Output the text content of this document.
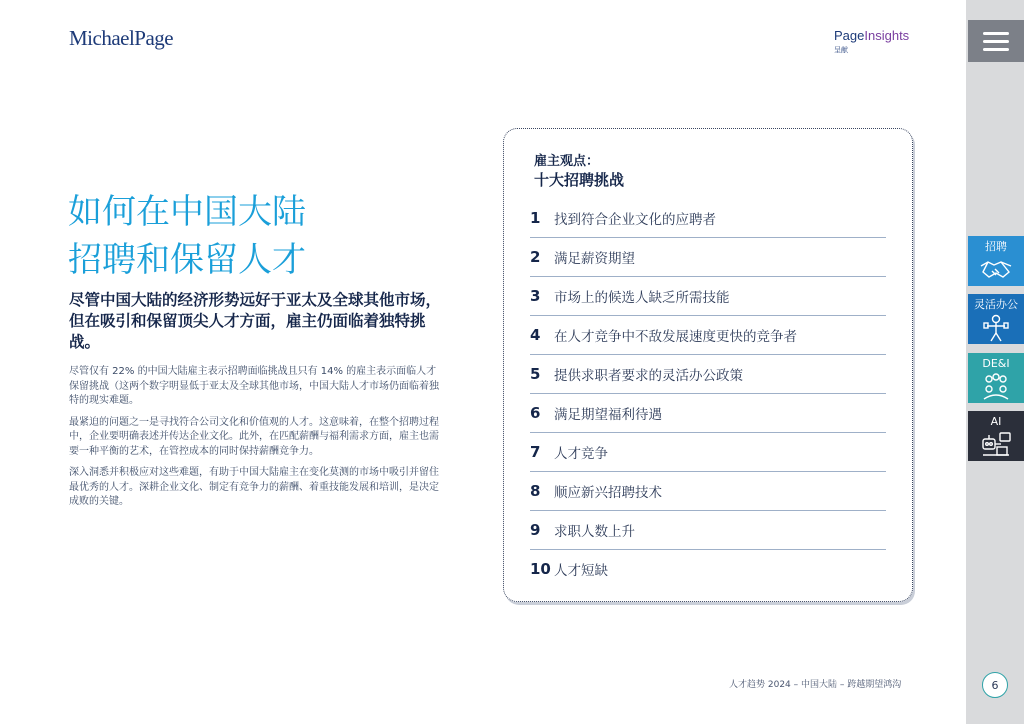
MichaelPage	PageInsights
呈献
如何在中国大陆
招聘和保留人才

尽管中国大陆的经济形势远好于亚太及全球其他市场，但在吸引和保留顶尖人才方面，雇主仍面临着独特挑战。

尽管仅有 22% 的中国大陆雇主表示招聘面临挑战且只有 14% 的雇主表示面临人才保留挑战（这两个数字明显低于亚太及全球其他市场，中国大陆人才市场仍面临着独特的现实难题。

最紧迫的问题之一是寻找符合公司文化和价值观的人才。这意味着，在整个招聘过程中，企业要明确表述并传达企业文化。此外，在匹配薪酬与福利需求方面，雇主也需要一种平衡的艺术，在管控成本的同时保持薪酬竞争力。

深入洞悉并积极应对这些难题，有助于中国大陆雇主在变化莫测的市场中吸引并留住最优秀的人才。深耕企业文化、制定有竞争力的薪酬、着重技能发展和培训，是决定成败的关键。

雇主观点：
十大招聘挑战
1	找到符合企业文化的应聘者
2	满足薪资期望
3	市场上的候选人缺乏所需技能
4	在人才竞争中不敌发展速度更快的竞争者
5	提供求职者要求的灵活办公政策
6	满足期望福利待遇
7	人才竞争
8	顺应新兴招聘技术
9	求职人数上升
10 人才短缺
人才趋势 2024 – 中国大陆 – 跨越期望鸿沟
招聘
灵活办公
DE&I
AI
6
